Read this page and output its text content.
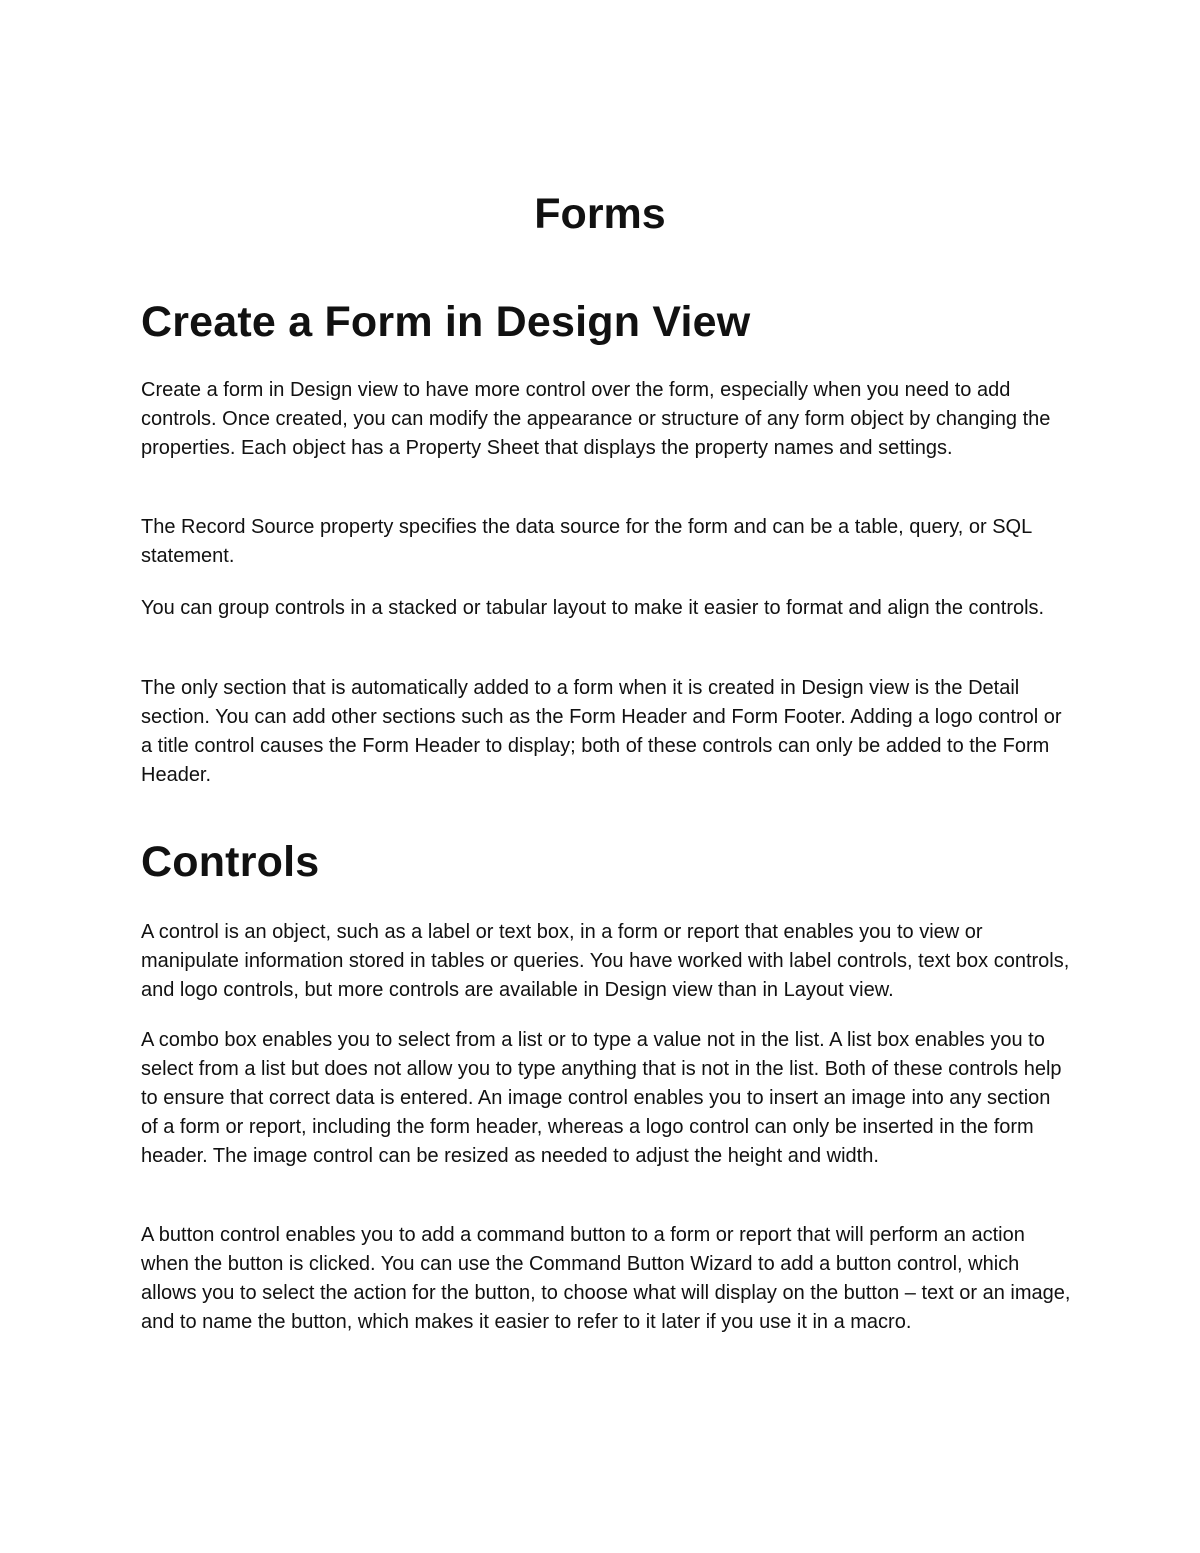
Forms
Create a Form in Design View

Create a form in Design view to have more control over the form, especially when you need to add controls. Once created, you can modify the appearance or structure of any form object by changing the properties. Each object has a Property Sheet that displays the property names and settings.

The Record Source property specifies the data source for the form and can be a table, query, or SQL statement.

You can group controls in a stacked or tabular layout to make it easier to format and align the controls.

The only section that is automatically added to a form when it is created in Design view is the Detail section. You can add other sections such as the Form Header and Form Footer. Adding a logo control or a title control causes the Form Header to display; both of these controls can only be added to the Form Header.

Controls

A control is an object, such as a label or text box, in a form or report that enables you to view or manipulate information stored in tables or queries. You have worked with label controls, text box controls, and logo controls, but more controls are available in Design view than in Layout view.

A combo box enables you to select from a list or to type a value not in the list. A list box enables you to select from a list but does not allow you to type anything that is not in the list. Both of these controls help to ensure that correct data is entered. An image control enables you to insert an image into any section of a form or report, including the form header, whereas a logo control can only be inserted in the form header. The image control can be resized as needed to adjust the height and width.

A button control enables you to add a command button to a form or report that will perform an action when the button is clicked. You can use the Command Button Wizard to add a button control, which allows you to select the action for the button, to choose what will display on the button – text or an image, and to name the button, which makes it easier to refer to it later if you use it in a macro.
